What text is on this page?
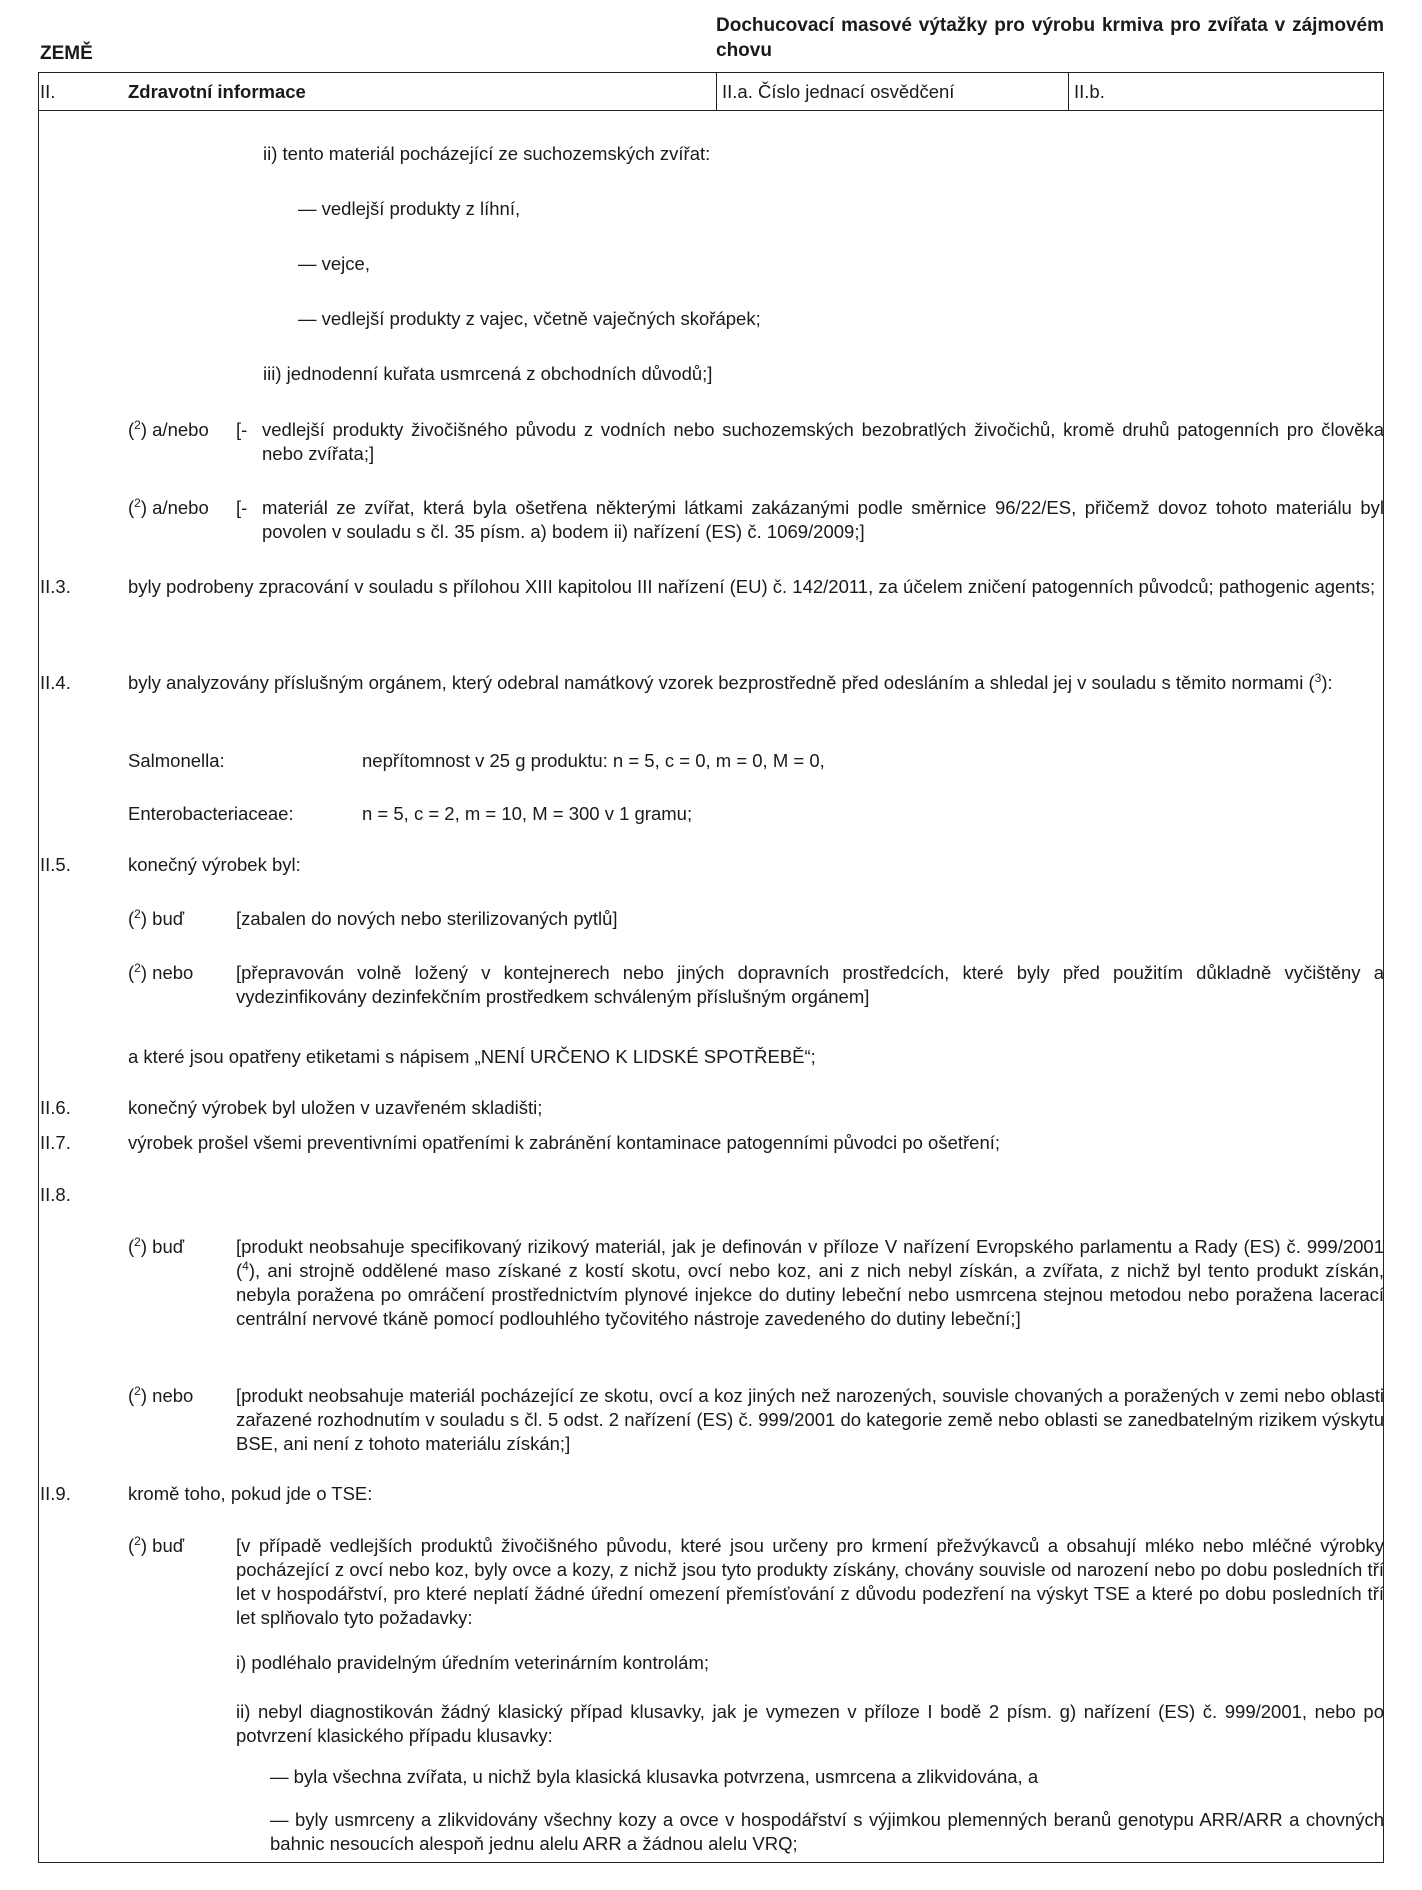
ZEMĚ
Dochucovací masové výtažky pro výrobu krmiva pro zvířata v zájmovém chovu
II.	Zdravotní informace	II.a. Číslo jednací osvědčení	II.b.
ii) tento materiál pocházející ze suchozemských zvířat:
— vedlejší produkty z líhní,
— vejce,
— vedlejší produkty z vajec, včetně vaječných skořápek;
iii) jednodenní kuřata usmrcená z obchodních důvodů;]
($^2$) a/nebo [- vedlejší produkty živočišného původu z vodních nebo suchozemských bezobratlých živočichů, kromě druhů patogenních pro člověka nebo zvířata;]
($^2$) a/nebo [- materiál ze zvířat, která byla ošetřena některými látkami zakázanými podle směrnice 96/22/ES, přičemž dovoz tohoto materiálu byl povolen v souladu s čl. 35 písm. a) bodem ii) nařízení (ES) č. 1069/2009;]
II.3.	byly podrobeny zpracování v souladu s přílohou XIII kapitolou III nařízení (EU) č. 142/2011, za účelem zničení patogenních původců; pathogenic agents;
II.4.	byly analyzovány příslušným orgánem, který odebral namátkový vzorek bezprostředně před odesláním a shledal jej v souladu s těmito normami ($^3$):
Salmonella:	nepřítomnost v 25 g produktu: n = 5, c = 0, m = 0, M = 0,
Enterobacteriaceae:	n = 5, c = 2, m = 10, M = 300 v 1 gramu;
II.5.	konečný výrobek byl:
($^2$) buď	[zabalen do nových nebo sterilizovaných pytlů]
($^2$) nebo [přepravován volně ložený v kontejnerech nebo jiných dopravních prostředcích, které byly před použitím důkladně vyčištěny a vydezinfikovány dezinfekčním prostředkem schváleným příslušným orgánem]
a které jsou opatřeny etiketami s nápisem „NENÍ URČENO K LIDSKÉ SPOTŘEBĚ“;
II.6.	konečný výrobek byl uložen v uzavřeném skladišti;
II.7.	výrobek prošel všemi preventivními opatřeními k zabránění kontaminace patogenními původci po ošetření;
II.8.
($^2$) buď	[produkt neobsahuje specifikovaný rizikový materiál, jak je definován v příloze V nařízení Evropského parlamentu a Rady (ES) č. 999/2001 ($^4$), ani strojně oddělené maso získané z kostí skotu, ovcí nebo koz, ani z nich nebyl získán, a zvířata, z nichž byl tento produkt získán, nebyla poražena po omráčení prostřednictvím plynové injekce do dutiny lebeční nebo usmrcena stejnou metodou nebo poražena lacerací centrální nervové tkáně pomocí podlouhlého tyčovitého nástroje zavedeného do dutiny lebeční;]
($^2$) nebo [produkt neobsahuje materiál pocházející ze skotu, ovcí a koz jiných než narozených, souvisle chovaných a poražených v zemi nebo oblasti zařazené rozhodnutím v souladu s čl. 5 odst. 2 nařízení (ES) č. 999/2001 do kategorie země nebo oblasti se zanedbatelným rizikem výskytu BSE, ani není z tohoto materiálu získán;]
II.9.	kromě toho, pokud jde o TSE:
($^2$) buď	[v případě vedlejších produktů živočišného původu, které jsou určeny pro krmení přežvýkavců a obsahují mléko nebo mléčné výrobky pocházející z ovcí nebo koz, byly ovce a kozy, z nichž jsou tyto produkty získány, chovány souvisle od narození nebo po dobu posledních tří let v hospodářství, pro které neplatí žádné úřední omezení přemísťování z důvodu podezření na výskyt TSE a které po dobu posledních tří let splňovalo tyto požadavky:
i) podléhalo pravidelným úředním veterinárním kontrolám;
ii) nebyl diagnostikován žádný klasický případ klusavky, jak je vymezen v příloze I bodě 2 písm. g) nařízení (ES) č. 999/2001, nebo po potvrzení klasického případu klusavky:
— byla všechna zvířata, u nichž byla klasická klusavka potvrzena, usmrcena a zlikvidována, a
— byly usmrceny a zlikvidovány všechny kozy a ovce v hospodářství s výjimkou plemenných beranů genotypu ARR/ARR a chovných bahnic nesoucích alespoň jednu alelu ARR a žádnou alelu VRQ;
